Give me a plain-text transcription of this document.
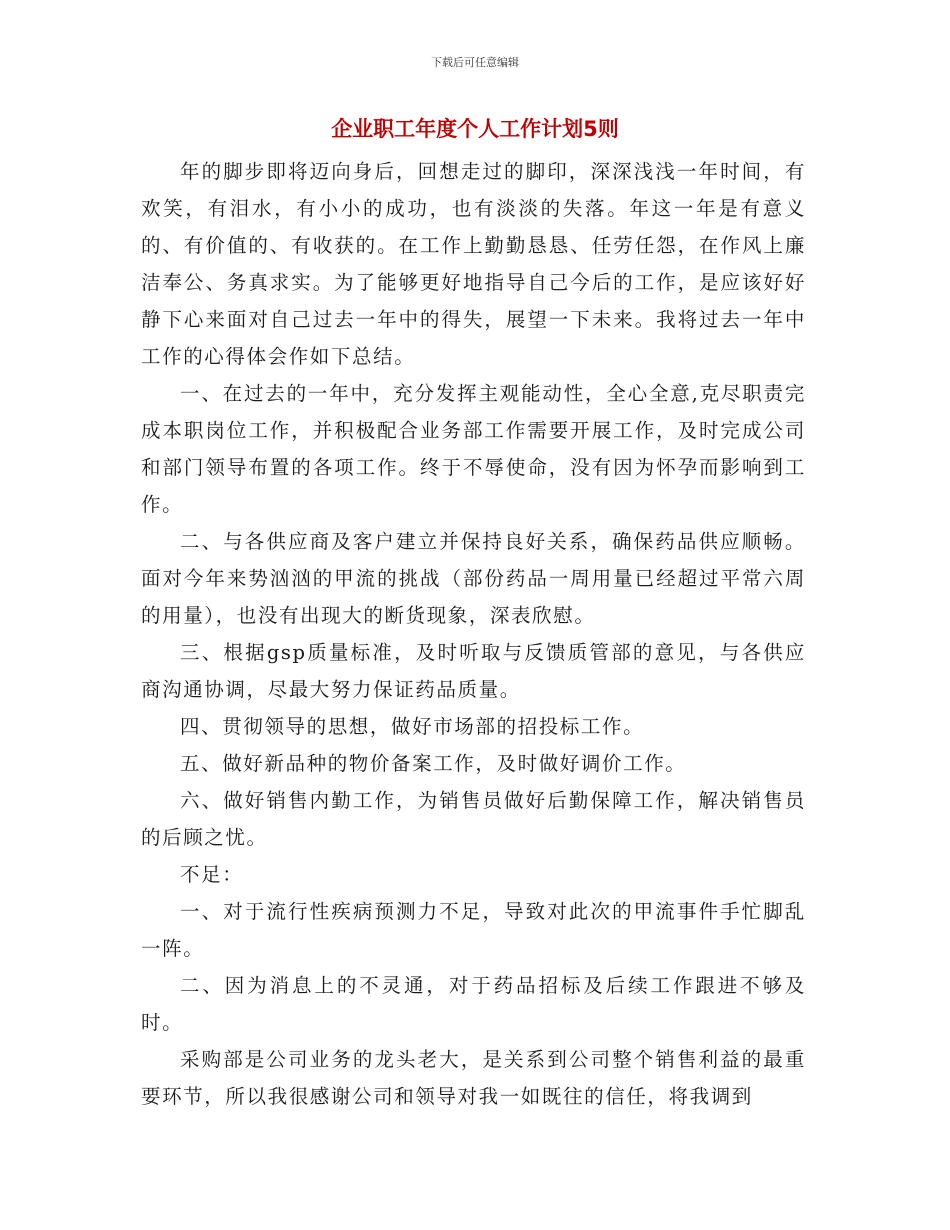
下载后可任意编辑
企业职工年度个人工作计划5则

年的脚步即将迈向身后，回想走过的脚印，深深浅浅一年时间，有欢笑，有泪水，有小小的成功，也有淡淡的失落。年这一年是有意义的、有价值的、有收获的。在工作上勤勤恳恳、任劳任怨，在作风上廉洁奉公、务真求实。为了能够更好地指导自己今后的工作，是应该好好静下心来面对自己过去一年中的得失，展望一下未来。我将过去一年中工作的心得体会作如下总结。

一、在过去的一年中，充分发挥主观能动性，全心全意,克尽职责完成本职岗位工作，并积极配合业务部工作需要开展工作，及时完成公司和部门领导布置的各项工作。终于不辱使命，没有因为怀孕而影响到工作。

二、与各供应商及客户建立并保持良好关系，确保药品供应顺畅。面对今年来势汹汹的甲流的挑战（部份药品一周用量已经超过平常六周的用量），也没有出现大的断货现象，深表欣慰。

三、根据gsp质量标准，及时听取与反馈质管部的意见，与各供应商沟通协调，尽最大努力保证药品质量。

四、贯彻领导的思想，做好市场部的招投标工作。

五、做好新品种的物价备案工作，及时做好调价工作。

六、做好销售内勤工作，为销售员做好后勤保障工作，解决销售员的后顾之忧。

不足：

一、对于流行性疾病预测力不足，导致对此次的甲流事件手忙脚乱一阵。

二、因为消息上的不灵通，对于药品招标及后续工作跟进不够及时。

采购部是公司业务的龙头老大，是关系到公司整个销售利益的最重要环节，所以我很感谢公司和领导对我一如既往的信任，将我调到
